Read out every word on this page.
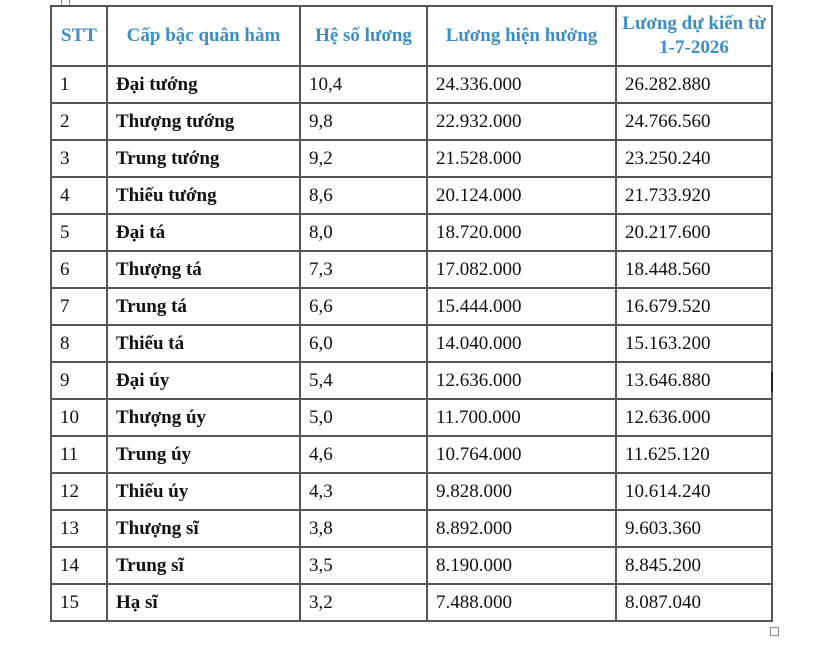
STT	Cấp bậc quân hàm	Hệ số lương	Lương hiện hưởng	Lương dự kiến từ 1-7-2026
1	Đại tướng	10,4	24.336.000	26.282.880
2	Thượng tướng	9,8	22.932.000	24.766.560
3	Trung tướng	9,2	21.528.000	23.250.240
4	Thiếu tướng	8,6	20.124.000	21.733.920
5	Đại tá	8,0	18.720.000	20.217.600
6	Thượng tá	7,3	17.082.000	18.448.560
7	Trung tá	6,6	15.444.000	16.679.520
8	Thiếu tá	6,0	14.040.000	15.163.200
9	Đại úy	5,4	12.636.000	13.646.880
10	Thượng úy	5,0	11.700.000	12.636.000
11	Trung úy	4,6	10.764.000	11.625.120
12	Thiếu úy	4,3	9.828.000	10.614.240
13	Thượng sĩ	3,8	8.892.000	9.603.360
14	Trung sĩ	3,5	8.190.000	8.845.200
15	Hạ sĩ	3,2	7.488.000	8.087.040
